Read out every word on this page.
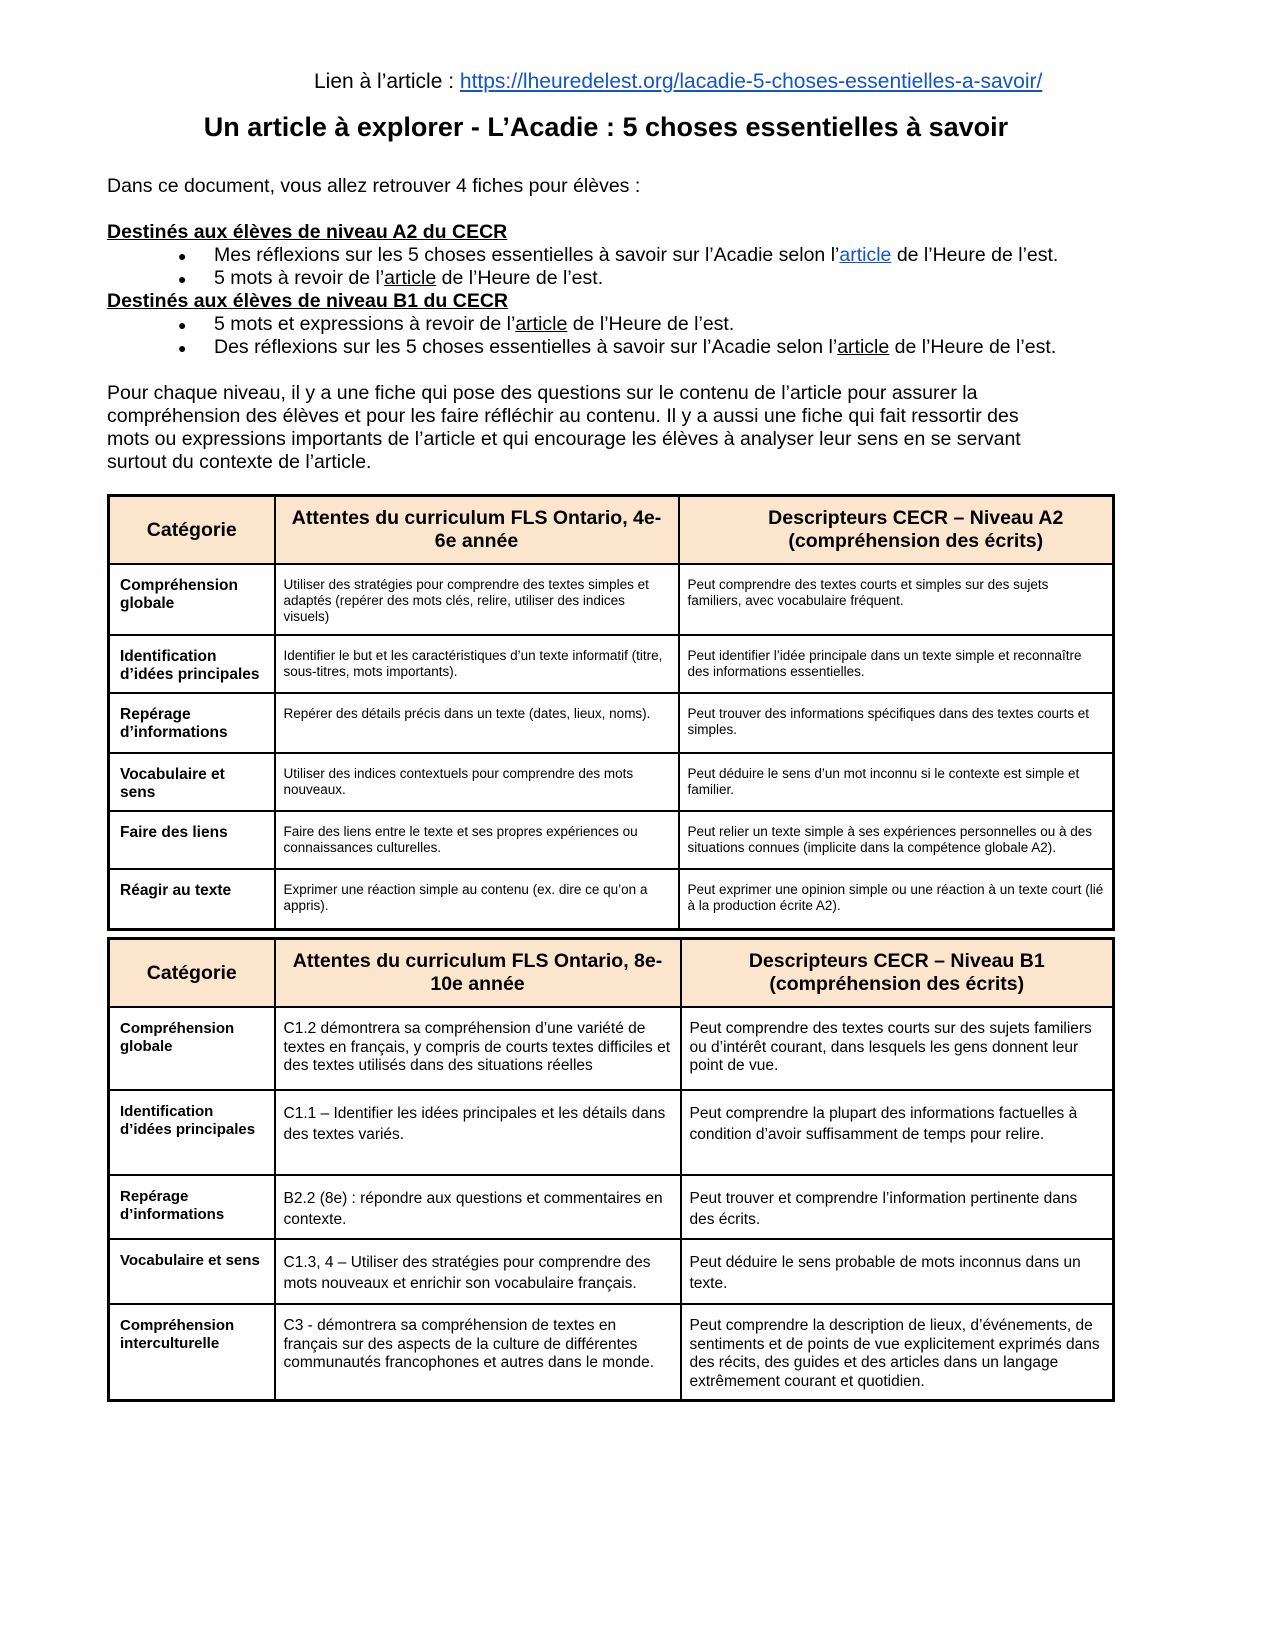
Lien à l’article : https://lheuredelest.org/lacadie-5-choses-essentielles-a-savoir/
Un article à explorer - L’Acadie : 5 choses essentielles à savoir
Dans ce document, vous allez retrouver 4 fiches pour élèves :
Destinés aux élèves de niveau A2 du CECR
● Mes réflexions sur les 5 choses essentielles à savoir sur l’Acadie selon l’article de l’Heure de l’est.
● 5 mots à revoir de l’article de l’Heure de l’est.
Destinés aux élèves de niveau B1 du CECR
● 5 mots et expressions à revoir de l’article de l’Heure de l’est.
● Des réflexions sur les 5 choses essentielles à savoir sur l’Acadie selon l’article de l’Heure de l’est.
Pour chaque niveau, il y a une fiche qui pose des questions sur le contenu de l’article pour assurer la compréhension des élèves et pour les faire réfléchir au contenu. Il y a aussi une fiche qui fait ressortir des mots ou expressions importants de l’article et qui encourage les élèves à analyser leur sens en se servant surtout du contexte de l’article.
Catégorie	Attentes du curriculum FLS Ontario, 4e-6e année	Descripteurs CECR – Niveau A2 (compréhension des écrits)
Compréhension globale	Utiliser des stratégies pour comprendre des textes simples et adaptés (repérer des mots clés, relire, utiliser des indices visuels)	Peut comprendre des textes courts et simples sur des sujets familiers, avec vocabulaire fréquent.
Identification d’idées principales	Identifier le but et les caractéristiques d’un texte informatif (titre, sous-titres, mots importants).	Peut identifier l’idée principale dans un texte simple et reconnaître des informations essentielles.
Repérage d’informations	Repérer des détails précis dans un texte (dates, lieux, noms).	Peut trouver des informations spécifiques dans des textes courts et simples.
Vocabulaire et sens	Utiliser des indices contextuels pour comprendre des mots nouveaux.	Peut déduire le sens d’un mot inconnu si le contexte est simple et familier.
Faire des liens	Faire des liens entre le texte et ses propres expériences ou connaissances culturelles.	Peut relier un texte simple à ses expériences personnelles ou à des situations connues (implicite dans la compétence globale A2).
Réagir au texte	Exprimer une réaction simple au contenu (ex. dire ce qu’on a appris).	Peut exprimer une opinion simple ou une réaction à un texte court (lié à la production écrite A2).
Catégorie	Attentes du curriculum FLS Ontario, 8e-10e année	Descripteurs CECR – Niveau B1 (compréhension des écrits)
Compréhension globale	C1.2 démontrera sa compréhension d’une variété de textes en français, y compris de courts textes difficiles et des textes utilisés dans des situations réelles	Peut comprendre des textes courts sur des sujets familiers ou d’intérêt courant, dans lesquels les gens donnent leur point de vue.
Identification d’idées principales	C1.1 – Identifier les idées principales et les détails dans des textes variés.	Peut comprendre la plupart des informations factuelles à condition d’avoir suffisamment de temps pour relire.
Repérage d’informations	B2.2 (8e) : répondre aux questions et commentaires en contexte.	Peut trouver et comprendre l’information pertinente dans des écrits.
Vocabulaire et sens	C1.3, 4 – Utiliser des stratégies pour comprendre des mots nouveaux et enrichir son vocabulaire français.	Peut déduire le sens probable de mots inconnus dans un texte.
Compréhension interculturelle	C3 - démontrera sa compréhension de textes en français sur des aspects de la culture de différentes communautés francophones et autres dans le monde.	Peut comprendre la description de lieux, d’événements, de sentiments et de points de vue explicitement exprimés dans des récits, des guides et des articles dans un langage extrêmement courant et quotidien.
